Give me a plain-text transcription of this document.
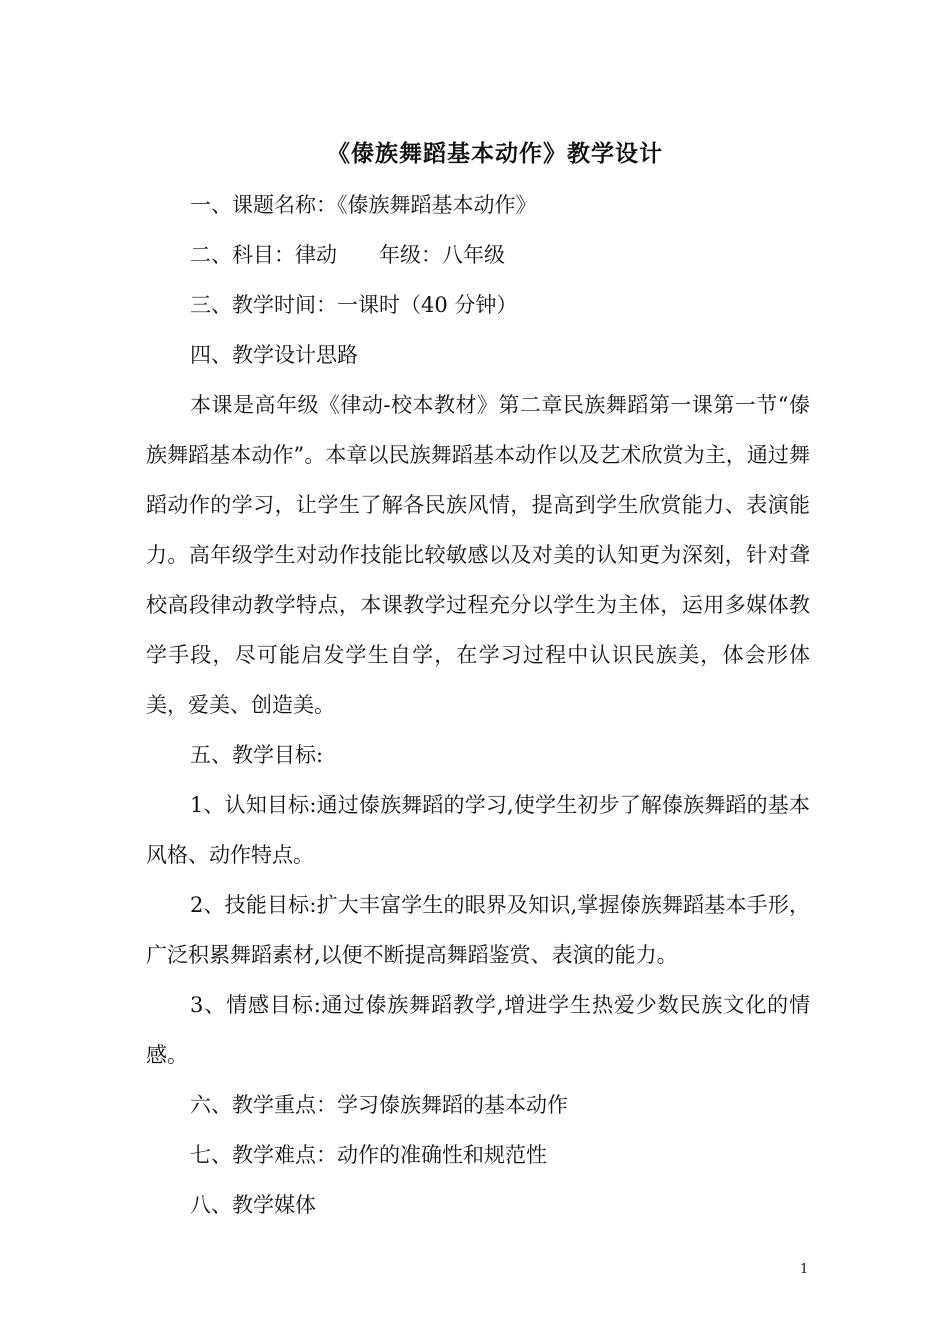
《傣族舞蹈基本动作》教学设计

一、课题名称：《傣族舞蹈基本动作》

二、科目：律动　　年级：八年级

三、教学时间：一课时（40 分钟）

四、教学设计思路

本课是高年级《律动-校本教材》第二章民族舞蹈第一课第一节“傣族舞蹈基本动作”。本章以民族舞蹈基本动作以及艺术欣赏为主，通过舞蹈动作的学习，让学生了解各民族风情，提高到学生欣赏能力、表演能力。高年级学生对动作技能比较敏感以及对美的认知更为深刻，针对聋校高段律动教学特点，本课教学过程充分以学生为主体，运用多媒体教学手段，尽可能启发学生自学，在学习过程中认识民族美，体会形体美，爱美、创造美。

五、教学目标:

1、认知目标:通过傣族舞蹈的学习,使学生初步了解傣族舞蹈的基本风格、动作特点。

2、技能目标:扩大丰富学生的眼界及知识,掌握傣族舞蹈基本手形，广泛积累舞蹈素材,以便不断提高舞蹈鉴赏、表演的能力。

3、情感目标:通过傣族舞蹈教学,增进学生热爱少数民族文化的情感。

六、教学重点：学习傣族舞蹈的基本动作

七、教学难点：动作的准确性和规范性

八、教学媒体

1
